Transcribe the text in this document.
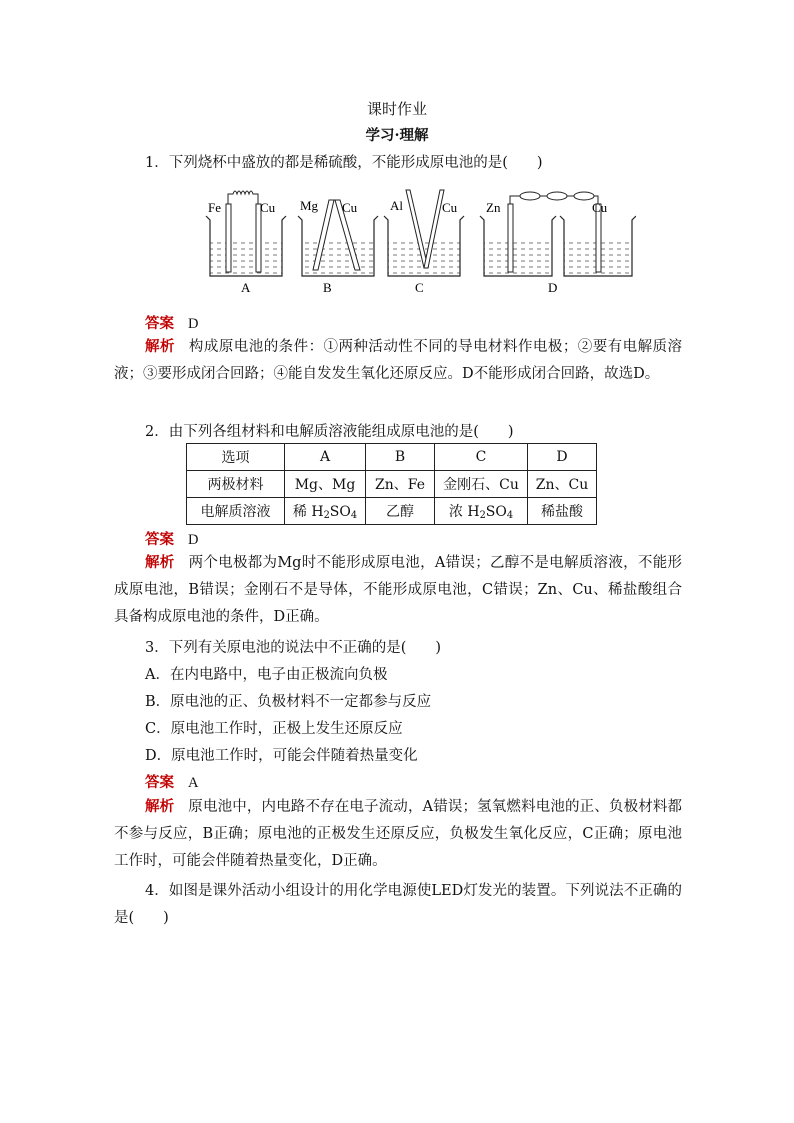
课时作业
学习·理解
1．下列烧杯中盛放的都是稀硫酸，不能形成原电池的是(　　)
Fe	Cu
A
Mg Cu
B
Al	Cu
C
Zn	Cu
D
答案 D
解析 构成原电池的条件：①两种活动性不同的导电材料作电极；②要有电解质溶液；③要形成闭合回路；④能自发发生氧化还原反应。D不能形成闭合回路，故选D。
2．由下列各组材料和电解质溶液能组成原电池的是(　　)
选项	A	B	C	D
两极材料	Mg、Mg	Zn、Fe	金刚石、Cu	Zn、Cu
电解质溶液	稀 $H_2SO_4$	乙醇	浓 $H_2SO_4$	稀盐酸
答案 D
解析 两个电极都为Mg时不能形成原电池，A错误；乙醇不是电解质溶液，不能形成原电池，B错误；金刚石不是导体，不能形成原电池，C错误；Zn、Cu、稀盐酸组合具备构成原电池的条件，D正确。
3．下列有关原电池的说法中不正确的是(　　)
A．在内电路中，电子由正极流向负极
B．原电池的正、负极材料不一定都参与反应
C．原电池工作时，正极上发生还原反应
D．原电池工作时，可能会伴随着热量变化
答案 A
解析 原电池中，内电路不存在电子流动，A错误；氢氧燃料电池的正、负极材料都不参与反应，B正确；原电池的正极发生还原反应，负极发生氧化反应，C正确；原电池工作时，可能会伴随着热量变化，D正确。
4．如图是课外活动小组设计的用化学电源使LED灯发光的装置。下列说法不正确的是(　　)
